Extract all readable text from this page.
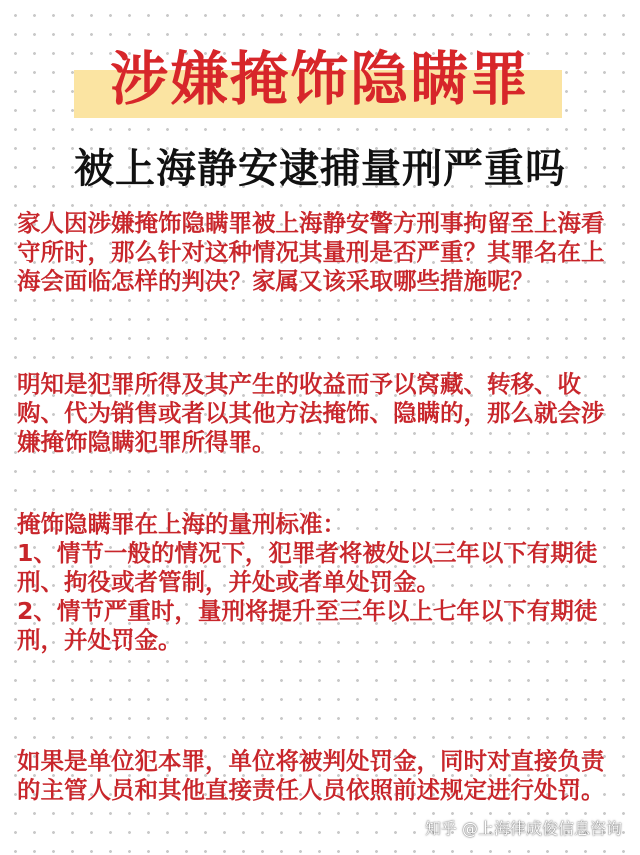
涉嫌掩饰隐瞒罪
被上海静安逮捕量刑严重吗

家人因涉嫌掩饰隐瞒罪被上海静安警方刑事拘留至上海看守所时，那么针对这种情况其量刑是否严重？其罪名在上海会面临怎样的判决？家属又该采取哪些措施呢？

明知是犯罪所得及其产生的收益而予以窝藏、转移、收购、代为销售或者以其他方法掩饰、隐瞒的，那么就会涉嫌掩饰隐瞒犯罪所得罪。

掩饰隐瞒罪在上海的量刑标准：
1、情节一般的情况下，犯罪者将被处以三年以下有期徒刑、拘役或者管制，并处或者单处罚金。
2、情节严重时，量刑将提升至三年以上七年以下有期徒刑，并处罚金。

如果是单位犯本罪，单位将被判处罚金，同时对直接负责的主管人员和其他直接责任人员依照前述规定进行处罚。

知乎 @上海律成俊信息咨询
